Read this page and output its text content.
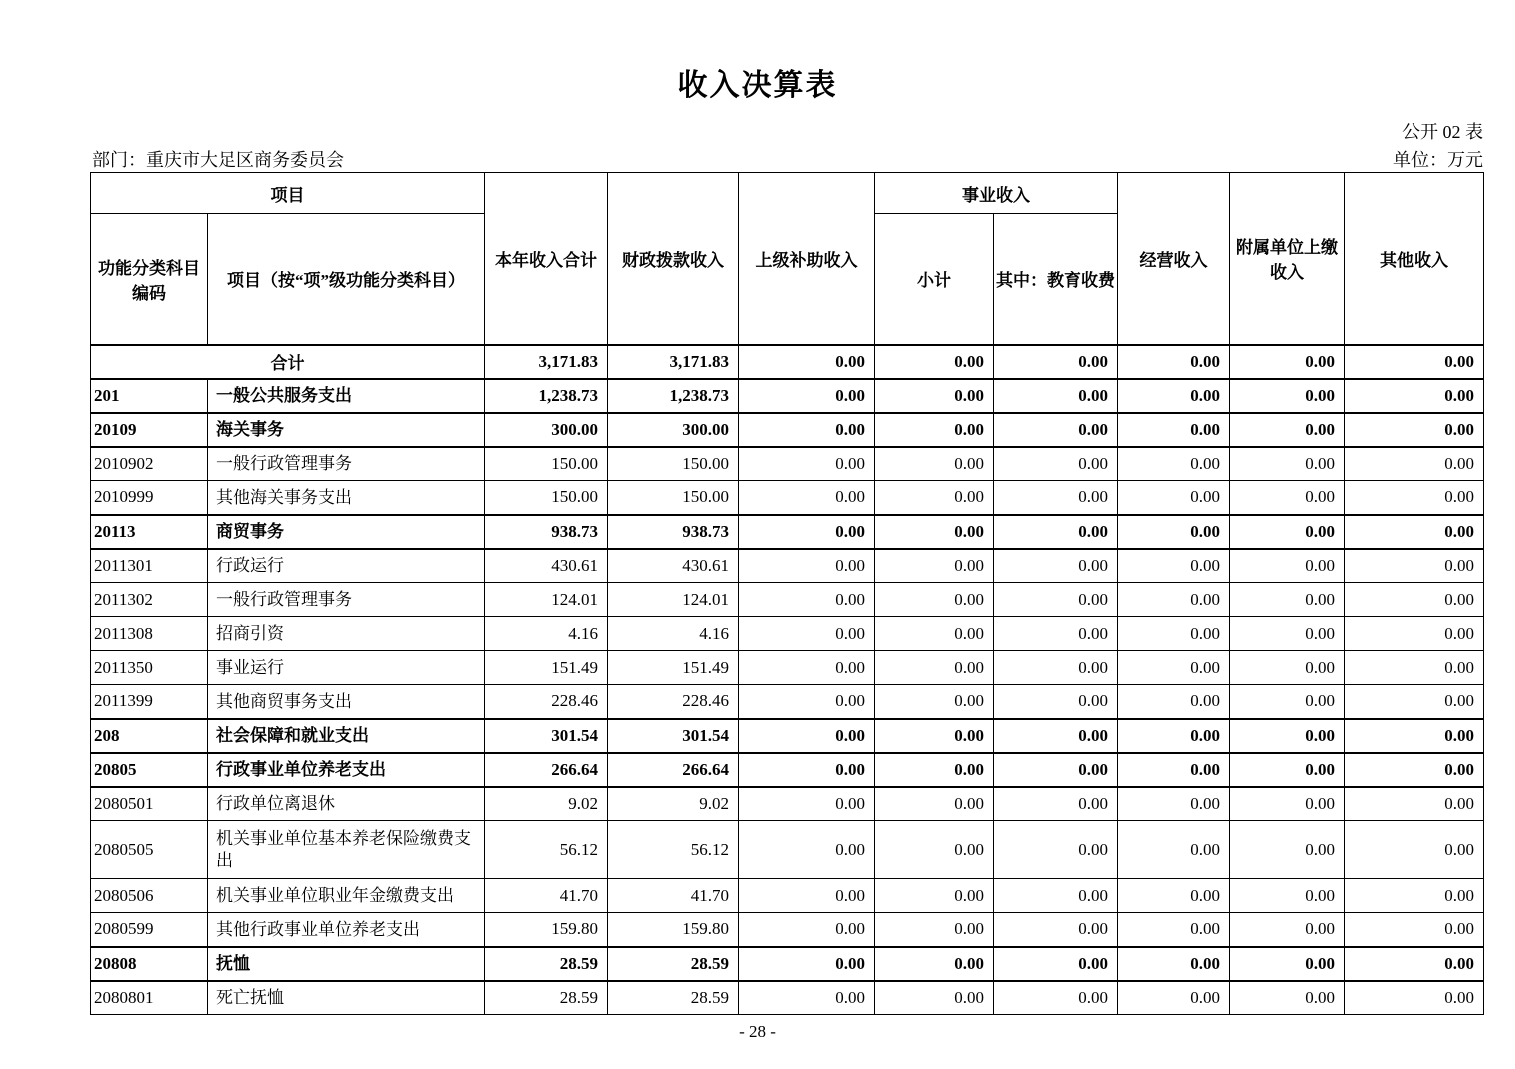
收入决算表
公开 02 表
部门：重庆市大足区商务委员会	单位：万元
项目		本年收入合计	财政拨款收入	上级补助收入	事业收入		经营收入	附属单位上缴收入	其他收入
功能分类科目编码	项目（按“项”级功能分类科目）				小计	其中：教育收费			
合计		3,171.83	3,171.83	0.00	0.00	0.00	0.00	0.00	0.00
201	一般公共服务支出	1,238.73	1,238.73	0.00	0.00	0.00	0.00	0.00	0.00
20109	海关事务	300.00	300.00	0.00	0.00	0.00	0.00	0.00	0.00
2010902	一般行政管理事务	150.00	150.00	0.00	0.00	0.00	0.00	0.00	0.00
2010999	其他海关事务支出	150.00	150.00	0.00	0.00	0.00	0.00	0.00	0.00
20113	商贸事务	938.73	938.73	0.00	0.00	0.00	0.00	0.00	0.00
2011301	行政运行	430.61	430.61	0.00	0.00	0.00	0.00	0.00	0.00
2011302	一般行政管理事务	124.01	124.01	0.00	0.00	0.00	0.00	0.00	0.00
2011308	招商引资	4.16	4.16	0.00	0.00	0.00	0.00	0.00	0.00
2011350	事业运行	151.49	151.49	0.00	0.00	0.00	0.00	0.00	0.00
2011399	其他商贸事务支出	228.46	228.46	0.00	0.00	0.00	0.00	0.00	0.00
208	社会保障和就业支出	301.54	301.54	0.00	0.00	0.00	0.00	0.00	0.00
20805	行政事业单位养老支出	266.64	266.64	0.00	0.00	0.00	0.00	0.00	0.00
2080501	行政单位离退休	9.02	9.02	0.00	0.00	0.00	0.00	0.00	0.00
2080505	机关事业单位基本养老保险缴费支出	56.12	56.12	0.00	0.00	0.00	0.00	0.00	0.00
2080506	机关事业单位职业年金缴费支出	41.70	41.70	0.00	0.00	0.00	0.00	0.00	0.00
2080599	其他行政事业单位养老支出	159.80	159.80	0.00	0.00	0.00	0.00	0.00	0.00
20808	抚恤	28.59	28.59	0.00	0.00	0.00	0.00	0.00	0.00
2080801	死亡抚恤	28.59	28.59	0.00	0.00	0.00	0.00	0.00	0.00
- 28 -
